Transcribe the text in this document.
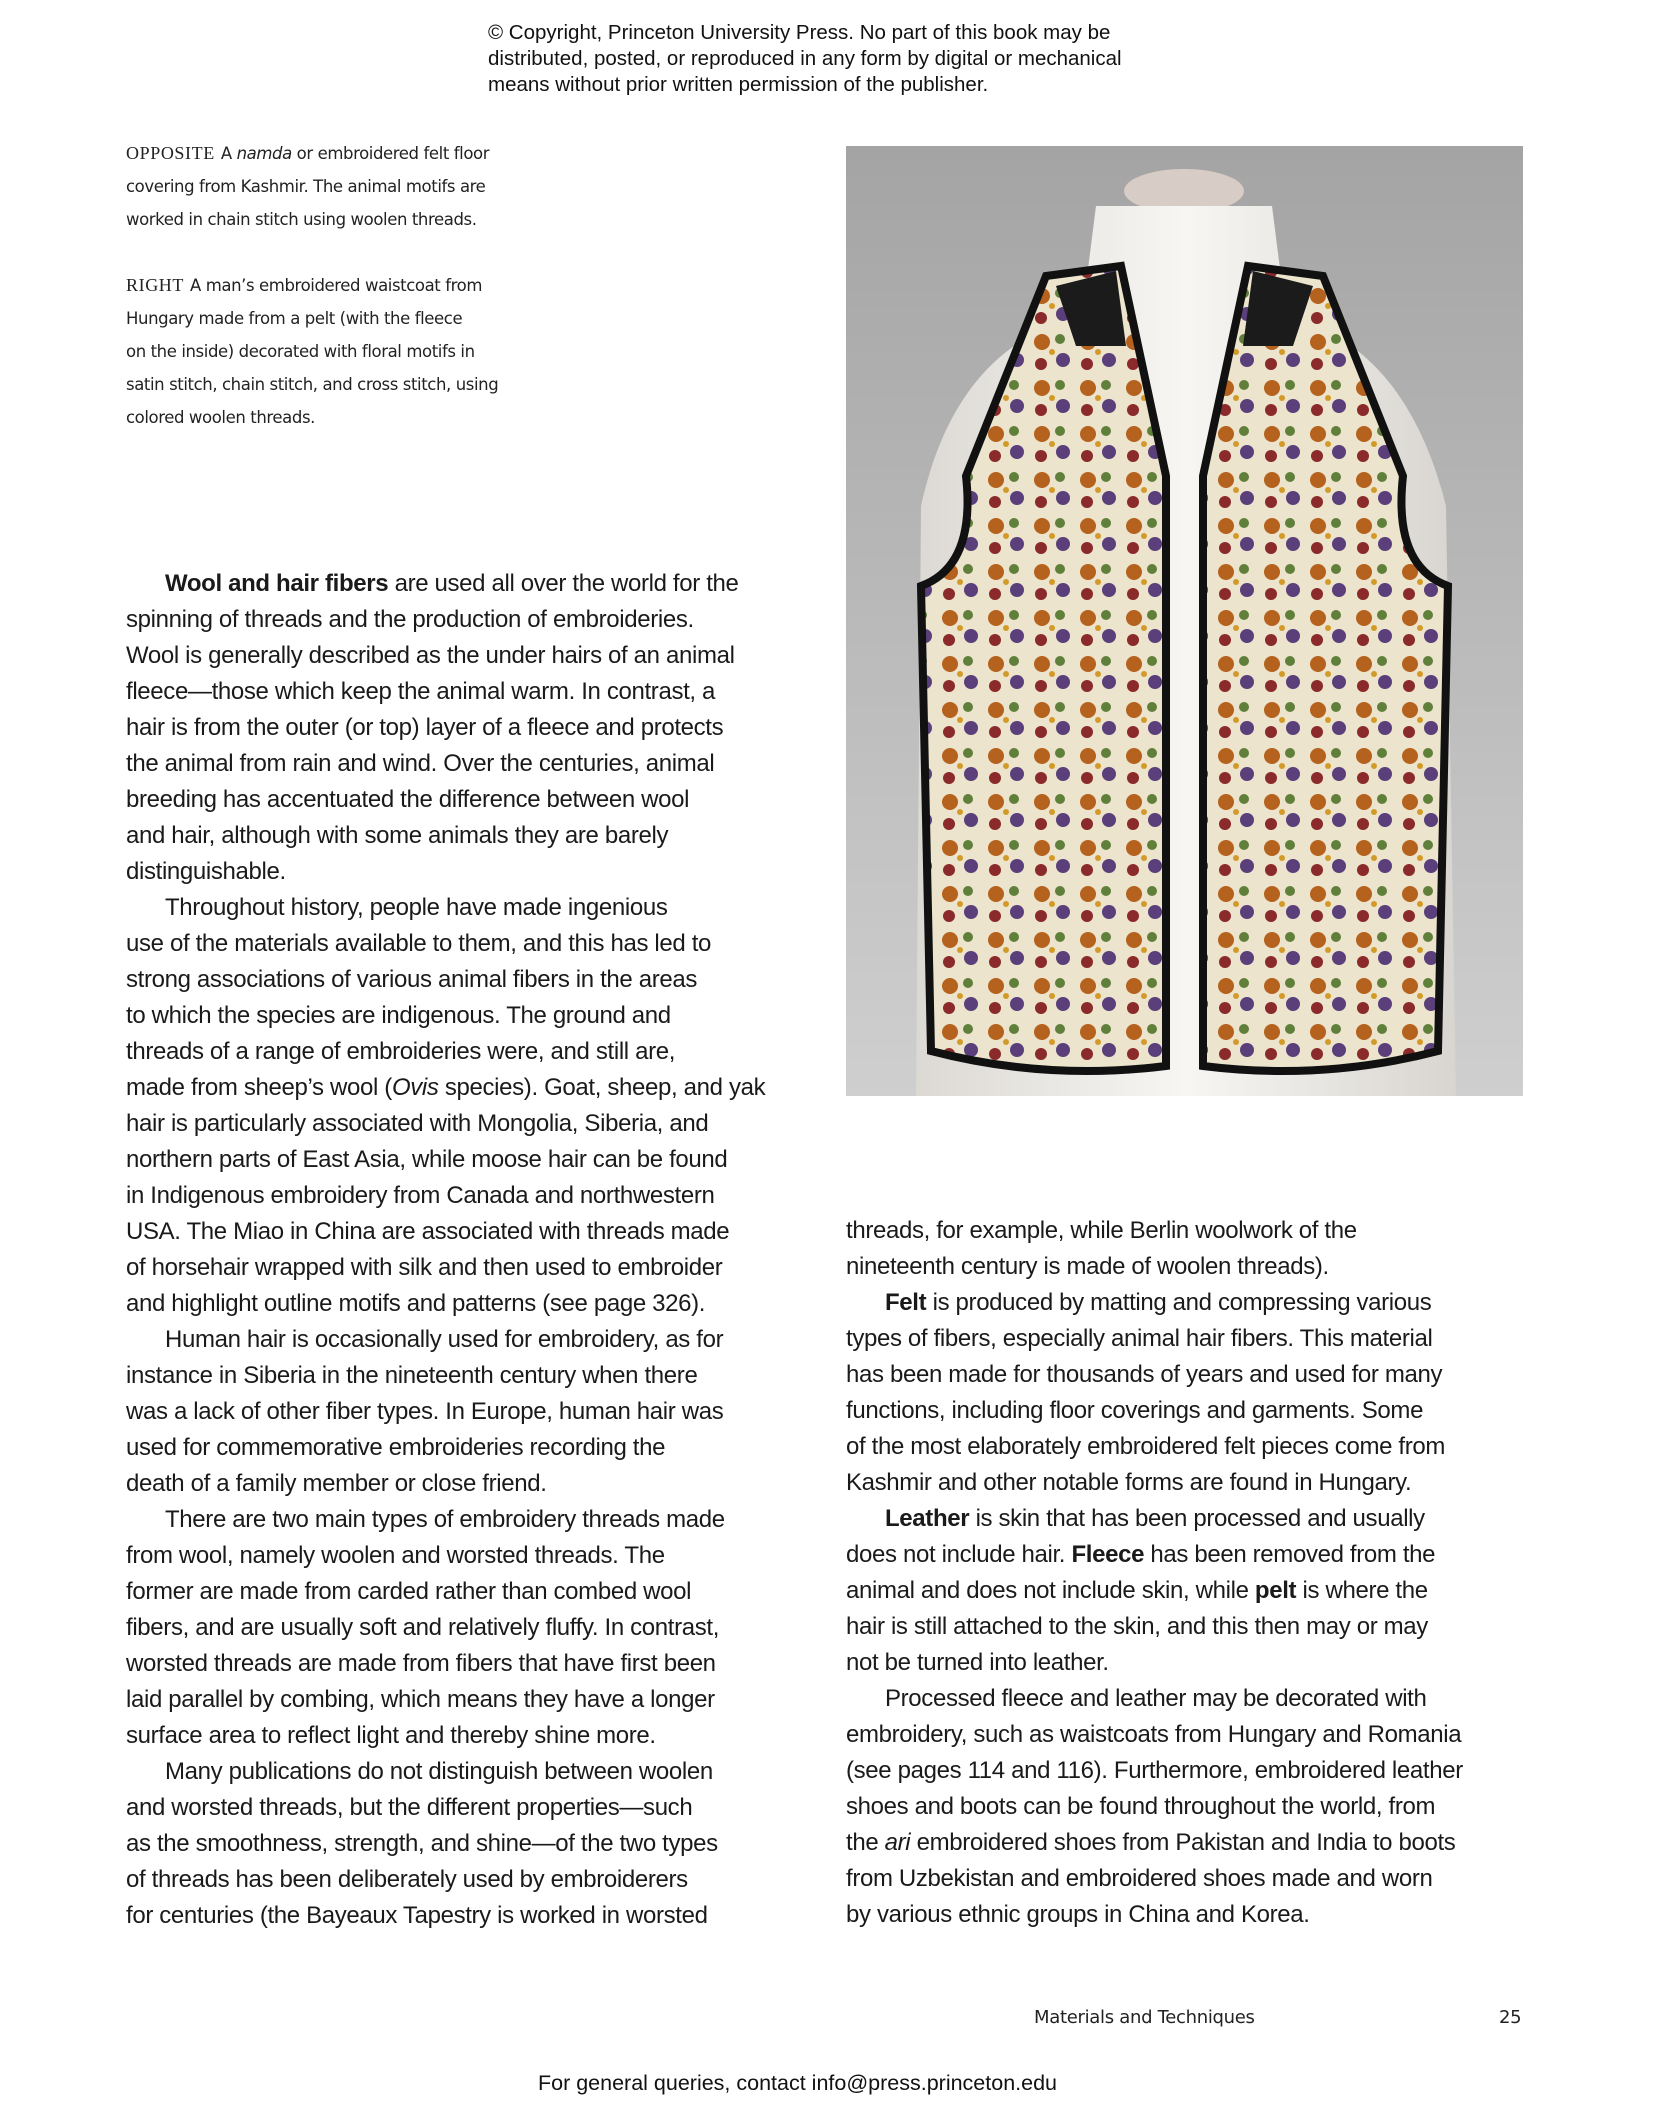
© Copyright, Princeton University Press. No part of this book may be
distributed, posted, or reproduced in any form by digital or mechanical
means without prior written permission of the publisher.
OPPOSITE A namda or embroidered felt floor
covering from Kashmir. The animal motifs are
worked in chain stitch using woolen threads.
RIGHT A man’s embroidered waistcoat from
Hungary made from a pelt (with the fleece
on the inside) decorated with floral motifs in
satin stitch, chain stitch, and cross stitch, using
colored woolen threads.
Wool and hair fibers are used all over the world for the
spinning of threads and the production of embroideries.
Wool is generally described as the under hairs of an animal
fleece—those which keep the animal warm. In contrast, a
hair is from the outer (or top) layer of a fleece and protects
the animal from rain and wind. Over the centuries, animal
breeding has accentuated the difference between wool
and hair, although with some animals they are barely
distinguishable.
Throughout history, people have made ingenious
use of the materials available to them, and this has led to
strong associations of various animal fibers in the areas
to which the species are indigenous. The ground and
threads of a range of embroideries were, and still are,
made from sheep’s wool (Ovis species). Goat, sheep, and yak
hair is particularly associated with Mongolia, Siberia, and
northern parts of East Asia, while moose hair can be found
in Indigenous embroidery from Canada and northwestern
USA. The Miao in China are associated with threads made
of horsehair wrapped with silk and then used to embroider
and highlight outline motifs and patterns (see page 326).
Human hair is occasionally used for embroidery, as for
instance in Siberia in the nineteenth century when there
was a lack of other fiber types. In Europe, human hair was
used for commemorative embroideries recording the
death of a family member or close friend.
There are two main types of embroidery threads made
from wool, namely woolen and worsted threads. The
former are made from carded rather than combed wool
fibers, and are usually soft and relatively fluffy. In contrast,
worsted threads are made from fibers that have first been
laid parallel by combing, which means they have a longer
surface area to reflect light and thereby shine more.
Many publications do not distinguish between woolen
and worsted threads, but the different properties—such
as the smoothness, strength, and shine—of the two types
of threads has been deliberately used by embroiderers
for centuries (the Bayeaux Tapestry is worked in worsted
threads, for example, while Berlin woolwork of the
nineteenth century is made of woolen threads).
Felt is produced by matting and compressing various
types of fibers, especially animal hair fibers. This material
has been made for thousands of years and used for many
functions, including floor coverings and garments. Some
of the most elaborately embroidered felt pieces come from
Kashmir and other notable forms are found in Hungary.
Leather is skin that has been processed and usually
does not include hair. Fleece has been removed from the
animal and does not include skin, while pelt is where the
hair is still attached to the skin, and this then may or may
not be turned into leather.
Processed fleece and leather may be decorated with
embroidery, such as waistcoats from Hungary and Romania
(see pages 114 and 116). Furthermore, embroidered leather
shoes and boots can be found throughout the world, from
the ari embroidered shoes from Pakistan and India to boots
from Uzbekistan and embroidered shoes made and worn
by various ethnic groups in China and Korea.
Materials and Techniques	25
For general queries, contact info@press.princeton.edu
